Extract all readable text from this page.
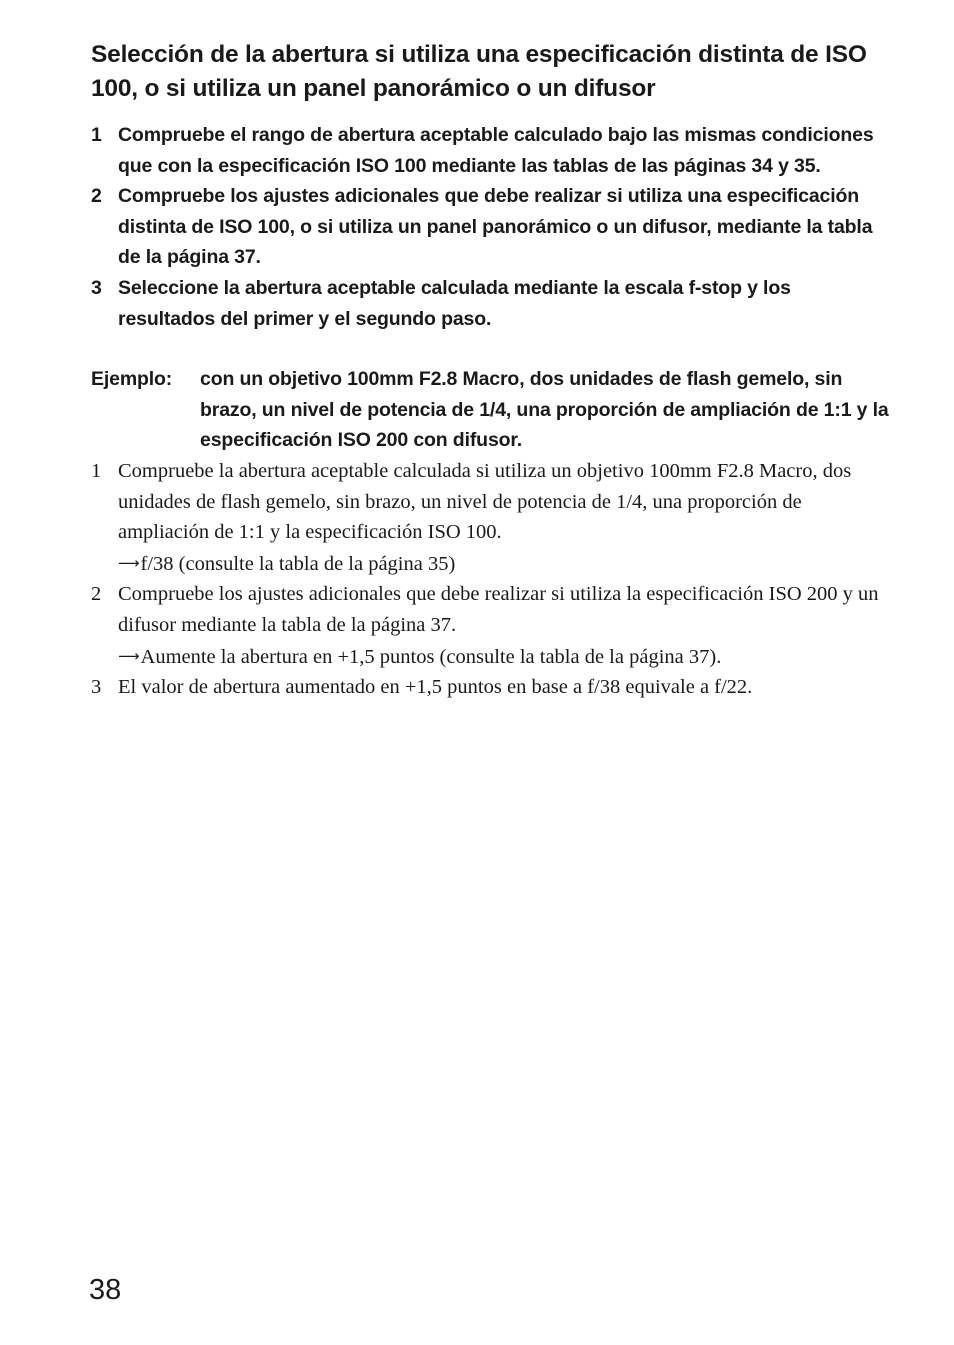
Selección de la abertura si utiliza una especificación distinta de ISO 100, o si utiliza un panel panorámico o un difusor
1 Compruebe el rango de abertura aceptable calculado bajo las mismas condiciones que con la especificación ISO 100 mediante las tablas de las páginas 34 y 35.
2 Compruebe los ajustes adicionales que debe realizar si utiliza una especificación distinta de ISO 100, o si utiliza un panel panorámico o un difusor, mediante la tabla de la página 37.
3 Seleccione la abertura aceptable calculada mediante la escala f-stop y los resultados del primer y el segundo paso.
Ejemplo:	con un objetivo 100mm F2.8 Macro, dos unidades de flash gemelo, sin brazo, un nivel de potencia de 1/4, una proporción de ampliación de 1:1 y la especificación ISO 200 con difusor.
1 Compruebe la abertura aceptable calculada si utiliza un objetivo 100mm F2.8 Macro, dos unidades de flash gemelo, sin brazo, un nivel de potencia de 1/4, una proporción de ampliación de 1:1 y la especificación ISO 100.
⟶f/38 (consulte la tabla de la página 35)
2 Compruebe los ajustes adicionales que debe realizar si utiliza la especificación ISO 200 y un difusor mediante la tabla de la página 37.
⟶Aumente la abertura en +1,5 puntos (consulte la tabla de la página 37).
3 El valor de abertura aumentado en +1,5 puntos en base a f/38 equivale a f/22.

38
